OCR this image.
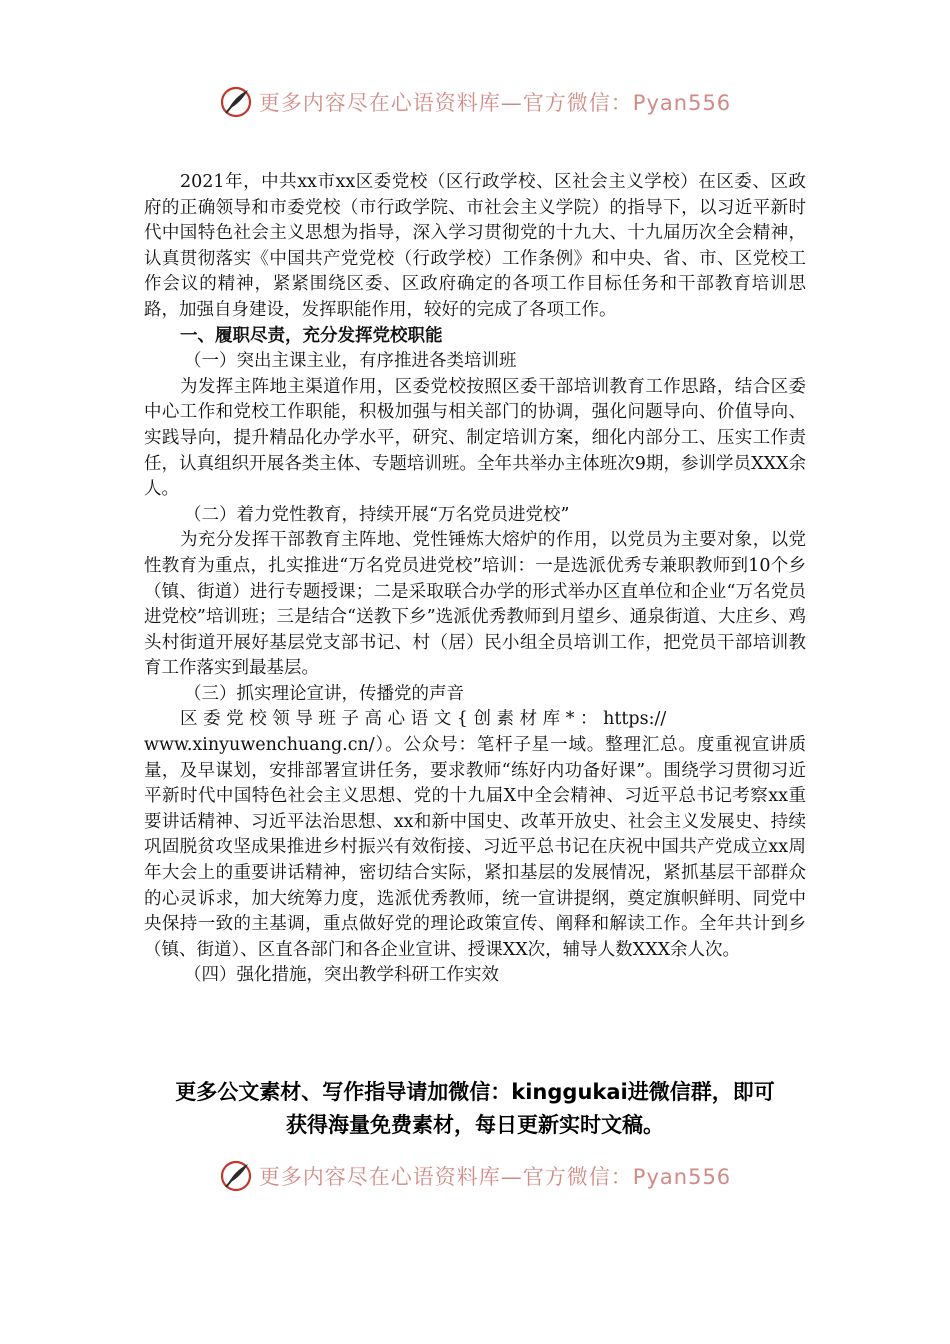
更多内容尽在心语资料库—官方微信：Pyan556

2021年，中共xx市xx区委党校（区行政学校、区社会主义学校）在区委、区政府的正确领导和市委党校（市行政学院、市社会主义学院）的指导下，以习近平新时代中国特色社会主义思想为指导，深入学习贯彻党的十九大、十九届历次全会精神，认真贯彻落实《中国共产党党校（行政学校）工作条例》和中央、省、市、区党校工作会议的精神，紧紧围绕区委、区政府确定的各项工作目标任务和干部教育培训思路，加强自身建设，发挥职能作用，较好的完成了各项工作。

一、履职尽责，充分发挥党校职能

（一）突出主课主业，有序推进各类培训班

为发挥主阵地主渠道作用，区委党校按照区委干部培训教育工作思路，结合区委中心工作和党校工作职能，积极加强与相关部门的协调，强化问题导向、价值导向、实践导向，提升精品化办学水平，研究、制定培训方案，细化内部分工、压实工作责任，认真组织开展各类主体、专题培训班。全年共举办主体班次9期，参训学员XXX余人。

（二）着力党性教育，持续开展“万名党员进党校”

为充分发挥干部教育主阵地、党性锤炼大熔炉的作用，以党员为主要对象，以党性教育为重点，扎实推进“万名党员进党校”培训：一是选派优秀专兼职教师到10个乡（镇、街道）进行专题授课；二是采取联合办学的形式举办区直单位和企业“万名党员进党校”培训班；三是结合“送教下乡”选派优秀教师到月望乡、通泉街道、大庄乡、鸡头村街道开展好基层党支部书记、村（居）民小组全员培训工作，把党员干部培训教育工作落实到最基层。

（三）抓实理论宣讲，传播党的声音

区 委 党 校 领 导 班 子 高 心 语 文 { 创 素 材 库 * ： https://

www.xinyuwenchuang.cn/）。公众号：笔杆子星一域。整理汇总。度重视宣讲质量，及早谋划，安排部署宣讲任务，要求教师“练好内功备好课”。围绕学习贯彻习近平新时代中国特色社会主义思想、党的十九届X中全会精神、习近平总书记考察xx重要讲话精神、习近平法治思想、xx和新中国史、改革开放史、社会主义发展史、持续巩固脱贫攻坚成果推进乡村振兴有效衔接、习近平总书记在庆祝中国共产党成立xx周年大会上的重要讲话精神，密切结合实际，紧扣基层的发展情况，紧抓基层干部群众的心灵诉求，加大统筹力度，选派优秀教师，统一宣讲提纲，奠定旗帜鲜明、同党中央保持一致的主基调，重点做好党的理论政策宣传、阐释和解读工作。全年共计到乡（镇、街道）、区直各部门和各企业宣讲、授课XX次，辅导人数XXX余人次。

（四）强化措施，突出教学科研工作实效

更多公文素材、写作指导请加微信：kinggukai进微信群，即可
获得海量免费素材，每日更新实时文稿。
更多内容尽在心语资料库—官方微信：Pyan556
